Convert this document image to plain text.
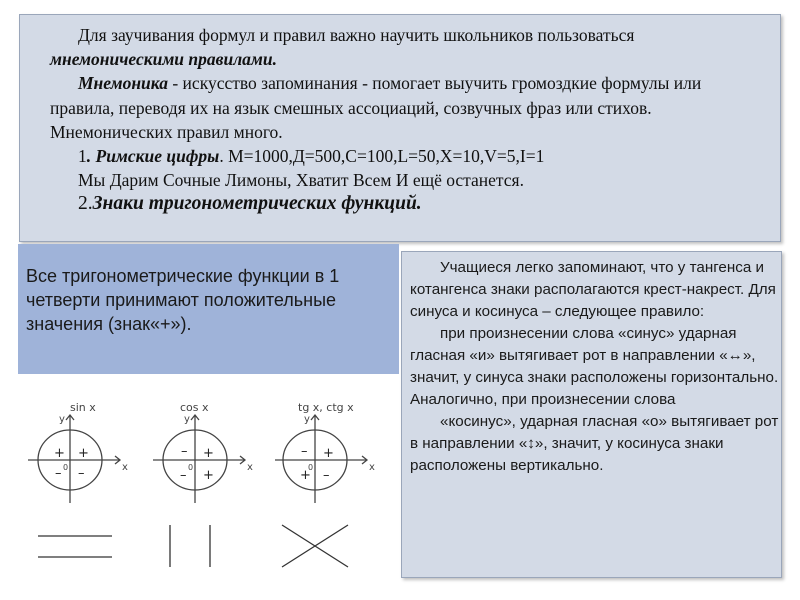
Для заучивания формул и правил важно научить школьников пользоваться

мнемоническими правилами.

Мнемоника - искусство запоминания - помогает выучить громоздкие формулы или правила, переводя их на язык смешных ассоциаций, созвучных фраз или стихов. Мнемонических правил много.

1. Римские цифры. М=1000,Д=500,С=100,L=50,X=10,V=5,I=1

Мы Дарим Сочные Лимоны, Хватит Всем И ещё останется.

2.Знаки тригонометрических функций.

Все тригонометрические функции в 1 четверти принимают положительные значения (знак«+»).

Учащиеся легко запоминают, что у тангенса и котангенса знаки располагаются крест-накрест. Для синуса и косинуса – следующее правило:

при произнесении слова «синус» ударная гласная «и» вытягивает рот в направлении «↔», значит, у синуса знаки расположены горизонтально. Аналогично, при произнесении слова

«косинус», ударная гласная «о» вытягивает рот в направлении «↕», значит, у косинуса знаки расположены вертикально.

sin x
y
x
0
+ +
– –
cos x
y
x
0
– +
– +
tg x, ctg x
y
x
0
– +
+ –
